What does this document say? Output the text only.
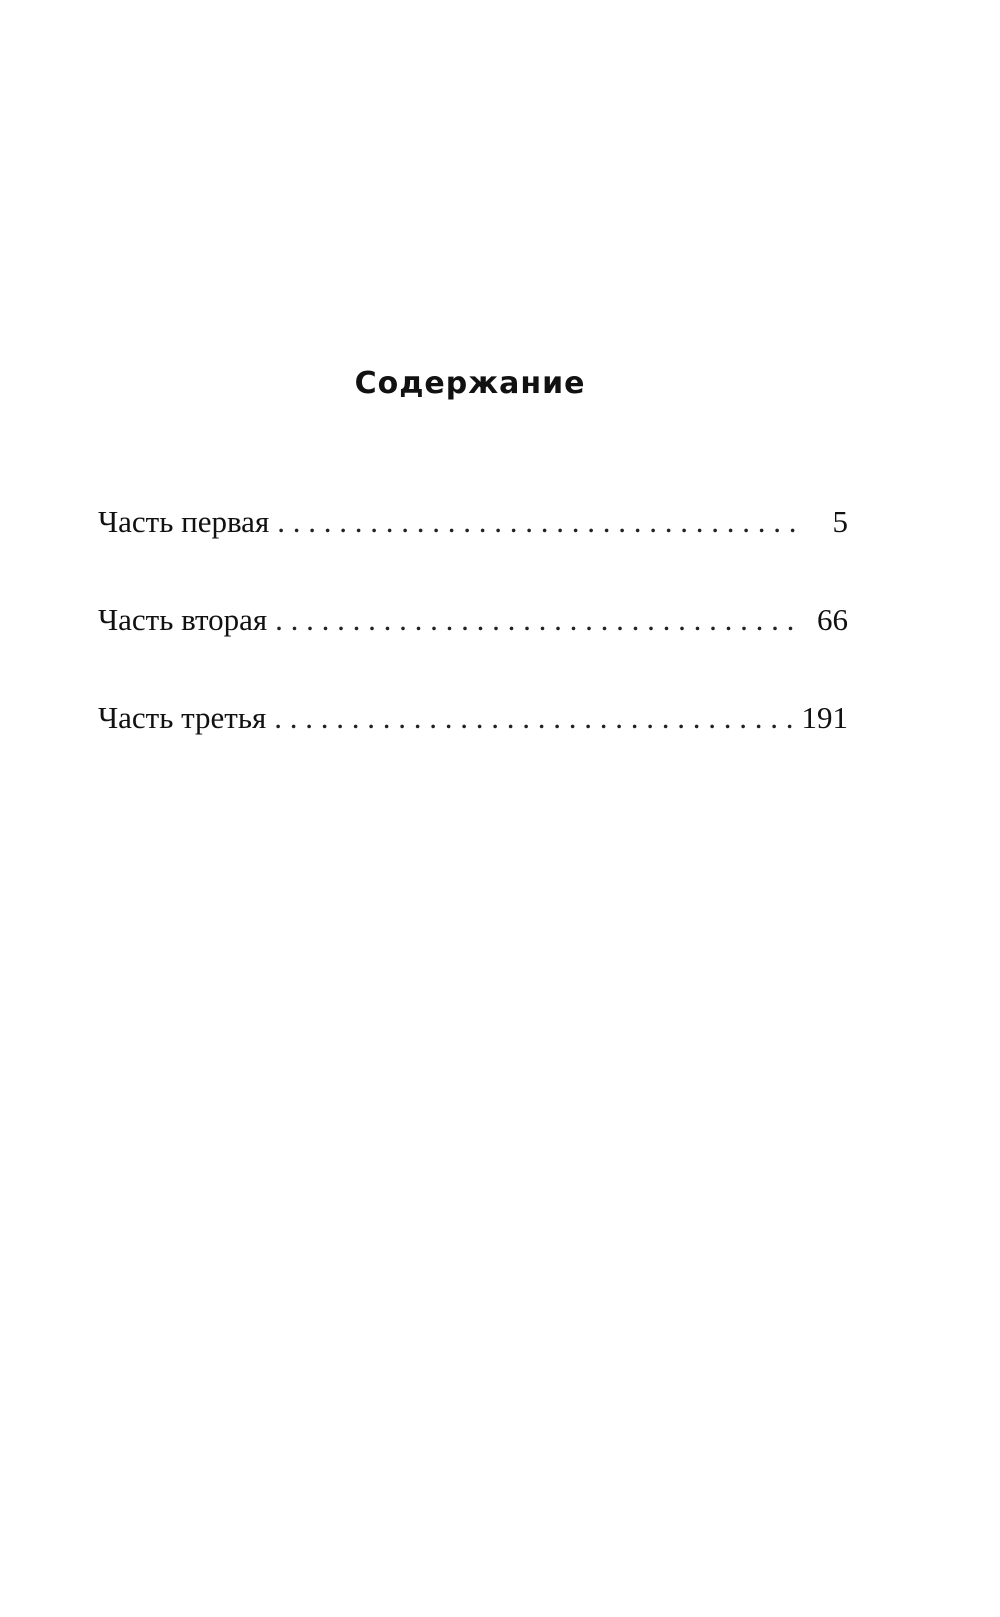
Содержание
Часть первая . . .	5
Часть вторая . . .	66
Часть третья . . .	191
